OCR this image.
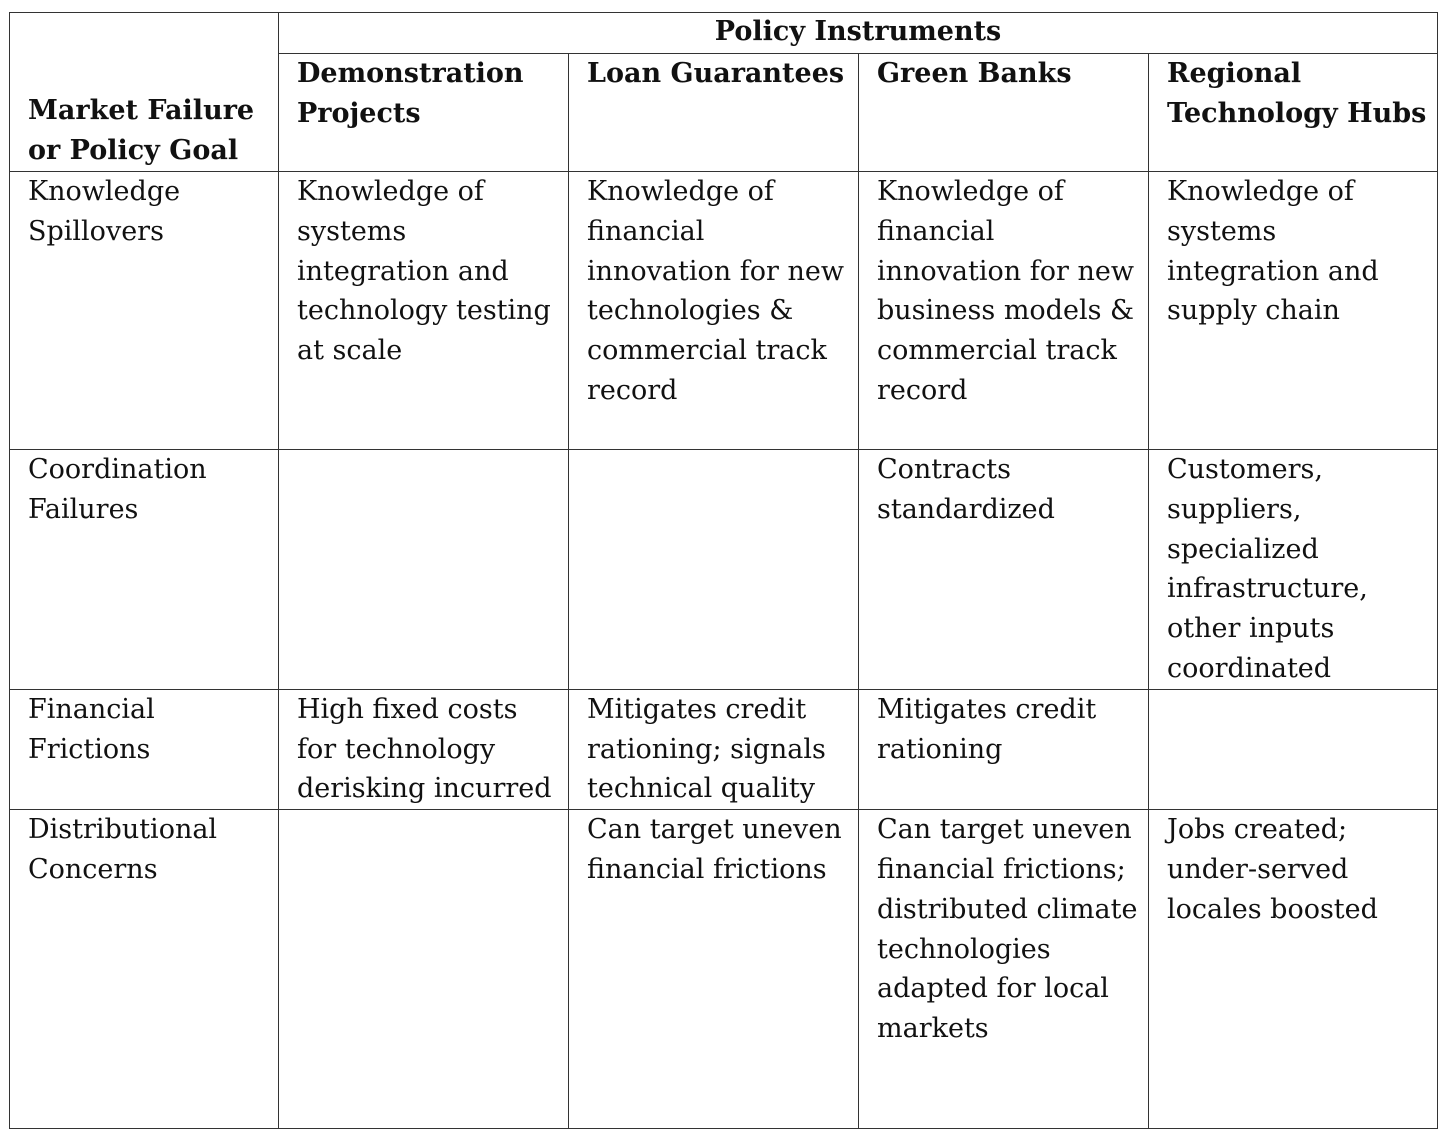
Market Failure or Policy Goal	Policy Instruments			
	Demonstration Projects	Loan Guarantees	Green Banks	Regional Technology Hubs
Knowledge Spillovers	Knowledge of systems integration and technology testing at scale	Knowledge of financial innovation for new technologies & commercial track record	Knowledge of financial innovation for new business models & commercial track record	Knowledge of systems integration and supply chain
Coordination Failures			Contracts standardized	Customers, suppliers, specialized infrastructure, other inputs coordinated
Financial Frictions	High fixed costs for technology derisking incurred	Mitigates credit rationing; signals technical quality	Mitigates credit rationing	
Distributional Concerns		Can target uneven financial frictions	Can target uneven financial frictions; distributed climate technologies adapted for local markets	Jobs created; under-served locales boosted
